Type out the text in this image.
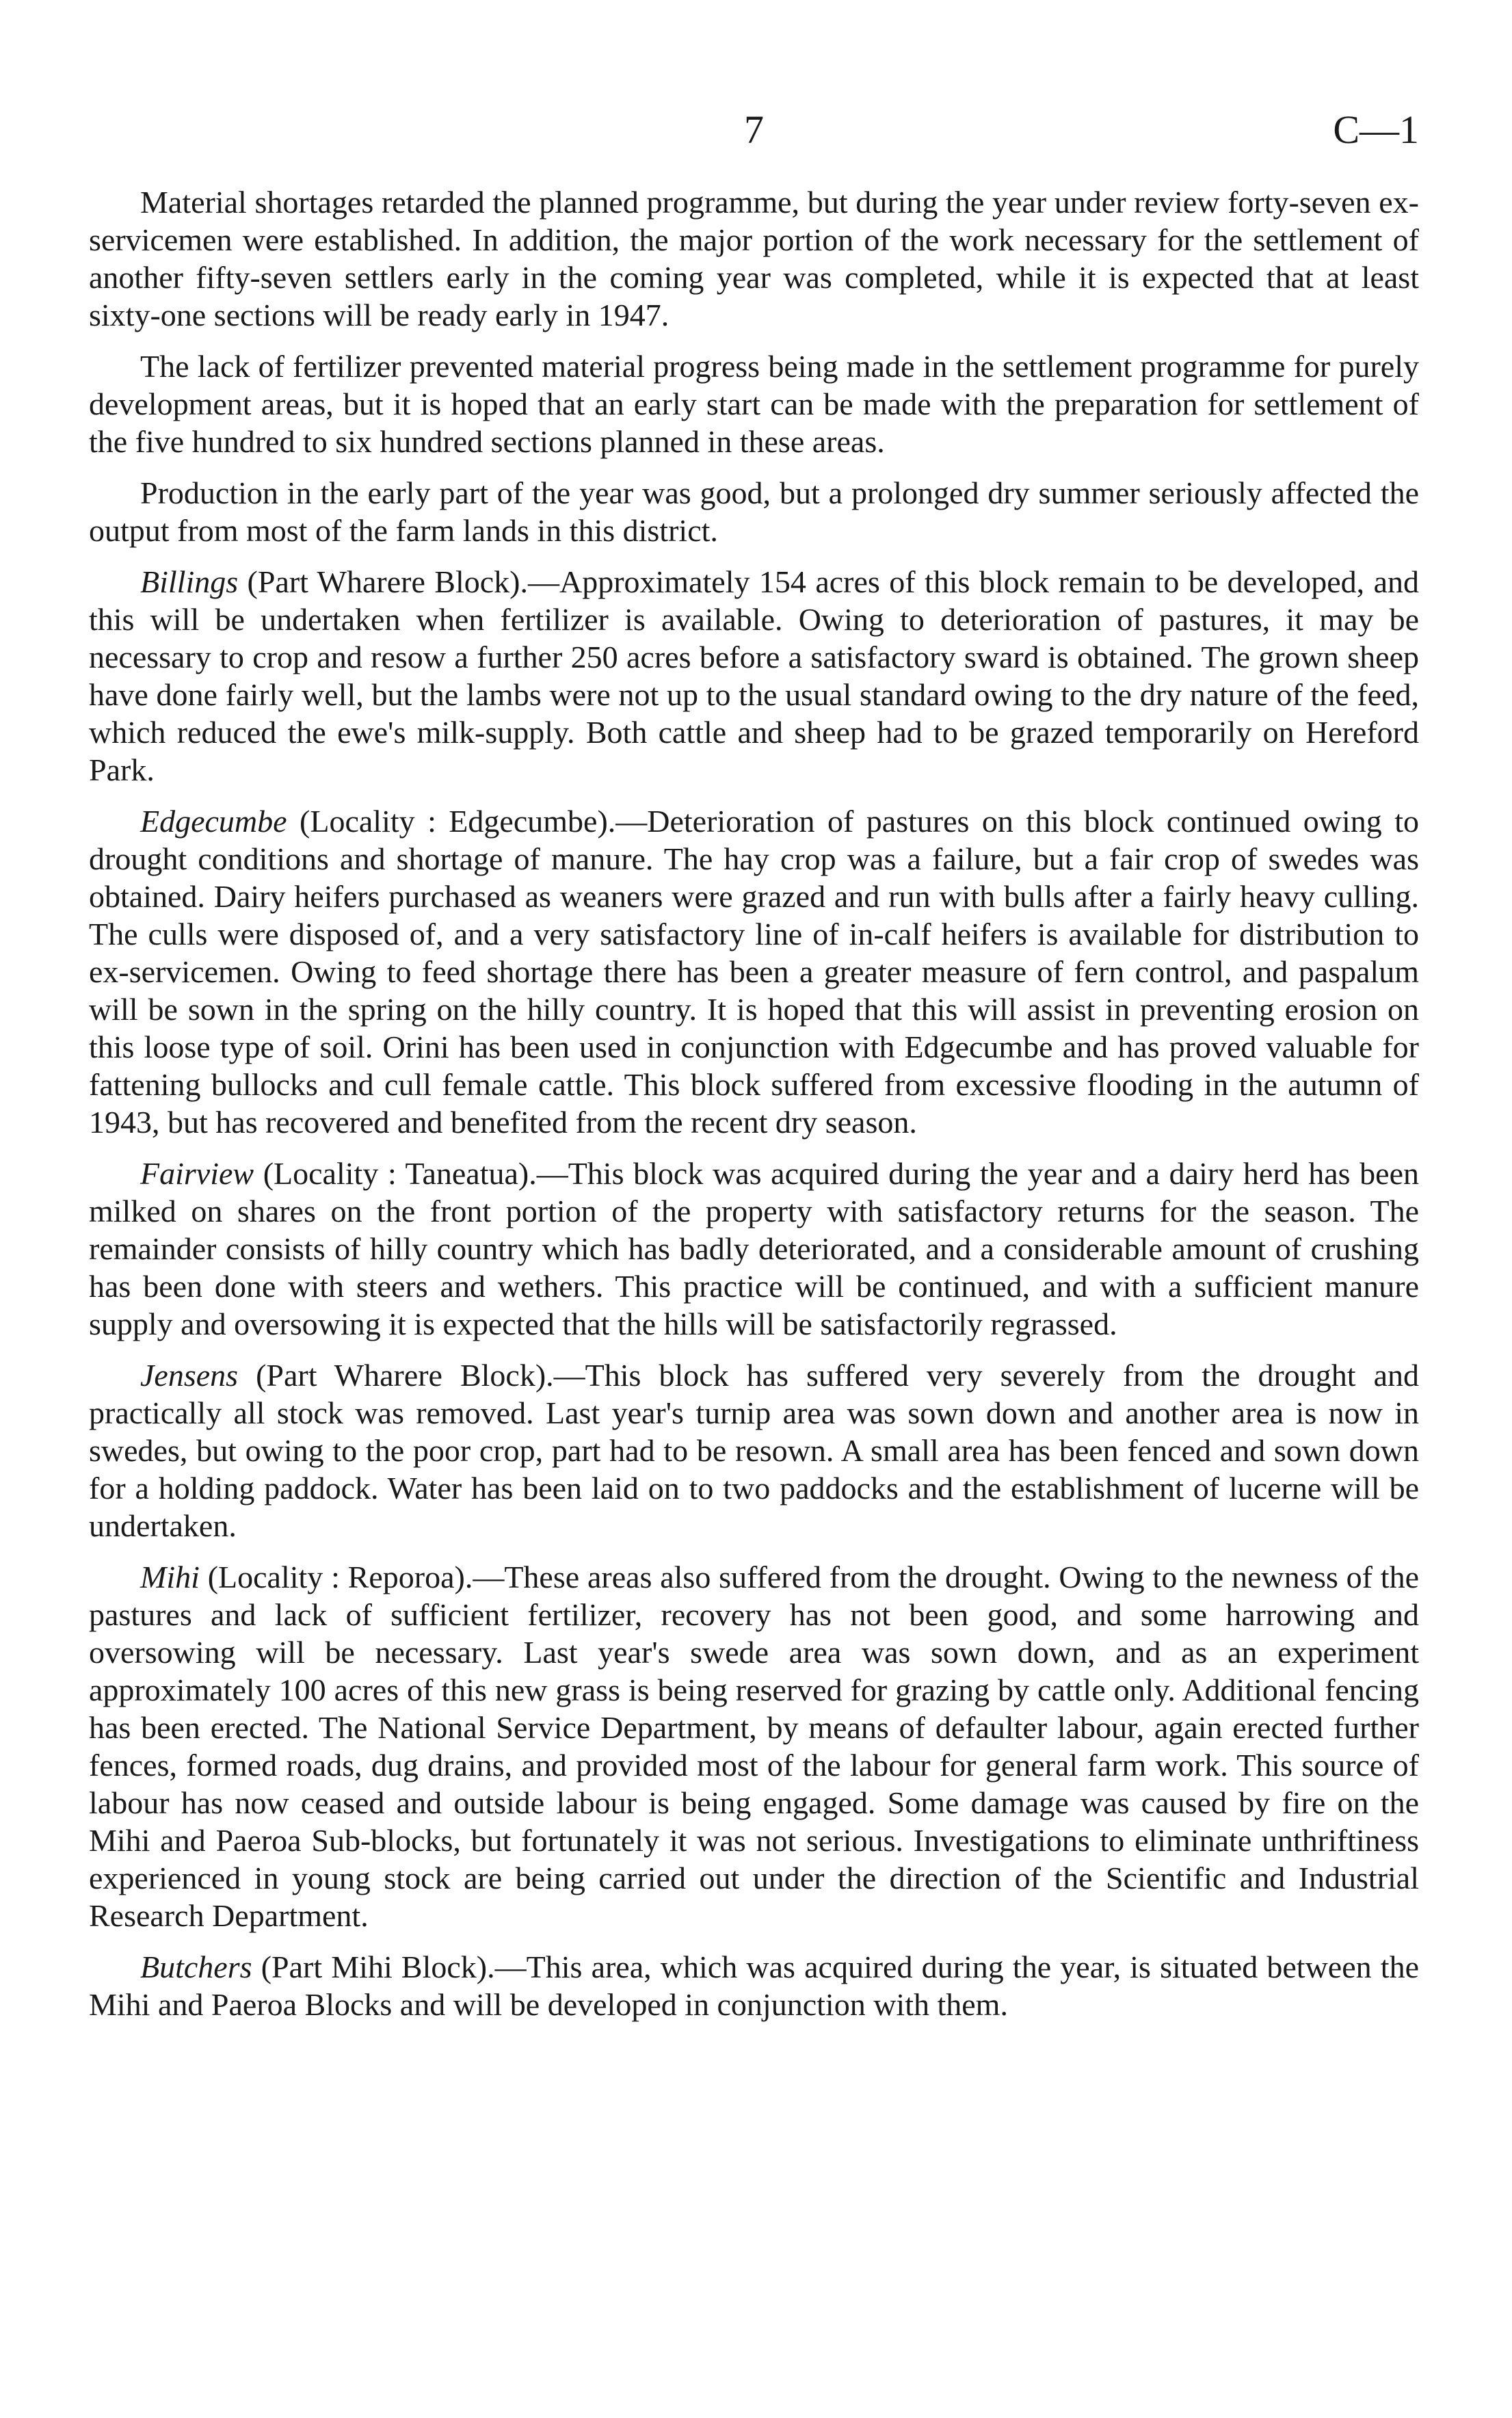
7	C—1

Material shortages retarded the planned programme, but during the year under review forty-seven ex-servicemen were established. In addition, the major portion of the work necessary for the settlement of another fifty-seven settlers early in the coming year was completed, while it is expected that at least sixty-one sections will be ready early in 1947.

The lack of fertilizer prevented material progress being made in the settlement programme for purely development areas, but it is hoped that an early start can be made with the preparation for settlement of the five hundred to six hundred sections planned in these areas.

Production in the early part of the year was good, but a prolonged dry summer seriously affected the output from most of the farm lands in this district.

Billings (Part Wharere Block).—Approximately 154 acres of this block remain to be developed, and this will be undertaken when fertilizer is available. Owing to deterioration of pastures, it may be necessary to crop and resow a further 250 acres before a satisfactory sward is obtained. The grown sheep have done fairly well, but the lambs were not up to the usual standard owing to the dry nature of the feed, which reduced the ewe's milk-supply. Both cattle and sheep had to be grazed temporarily on Hereford Park.

Edgecumbe (Locality : Edgecumbe).—Deterioration of pastures on this block continued owing to drought conditions and shortage of manure. The hay crop was a failure, but a fair crop of swedes was obtained. Dairy heifers purchased as weaners were grazed and run with bulls after a fairly heavy culling. The culls were disposed of, and a very satisfactory line of in-calf heifers is available for distribution to ex-servicemen. Owing to feed shortage there has been a greater measure of fern control, and paspalum will be sown in the spring on the hilly country. It is hoped that this will assist in preventing erosion on this loose type of soil. Orini has been used in conjunction with Edgecumbe and has proved valuable for fattening bullocks and cull female cattle. This block suffered from excessive flooding in the autumn of 1943, but has recovered and benefited from the recent dry season.

Fairview (Locality : Taneatua).—This block was acquired during the year and a dairy herd has been milked on shares on the front portion of the property with satisfactory returns for the season. The remainder consists of hilly country which has badly deteriorated, and a considerable amount of crushing has been done with steers and wethers. This practice will be continued, and with a sufficient manure supply and oversowing it is expected that the hills will be satisfactorily regrassed.

Jensens (Part Wharere Block).—This block has suffered very severely from the drought and practically all stock was removed. Last year's turnip area was sown down and another area is now in swedes, but owing to the poor crop, part had to be resown. A small area has been fenced and sown down for a holding paddock. Water has been laid on to two paddocks and the establishment of lucerne will be undertaken.

Mihi (Locality : Reporoa).—These areas also suffered from the drought. Owing to the newness of the pastures and lack of sufficient fertilizer, recovery has not been good, and some harrowing and oversowing will be necessary. Last year's swede area was sown down, and as an experiment approximately 100 acres of this new grass is being reserved for grazing by cattle only. Additional fencing has been erected. The National Service Department, by means of defaulter labour, again erected further fences, formed roads, dug drains, and provided most of the labour for general farm work. This source of labour has now ceased and outside labour is being engaged. Some damage was caused by fire on the Mihi and Paeroa Sub-blocks, but fortunately it was not serious. Investigations to eliminate unthriftiness experienced in young stock are being carried out under the direction of the Scientific and Industrial Research Department.

Butchers (Part Mihi Block).—This area, which was acquired during the year, is situated between the Mihi and Paeroa Blocks and will be developed in conjunction with them.
